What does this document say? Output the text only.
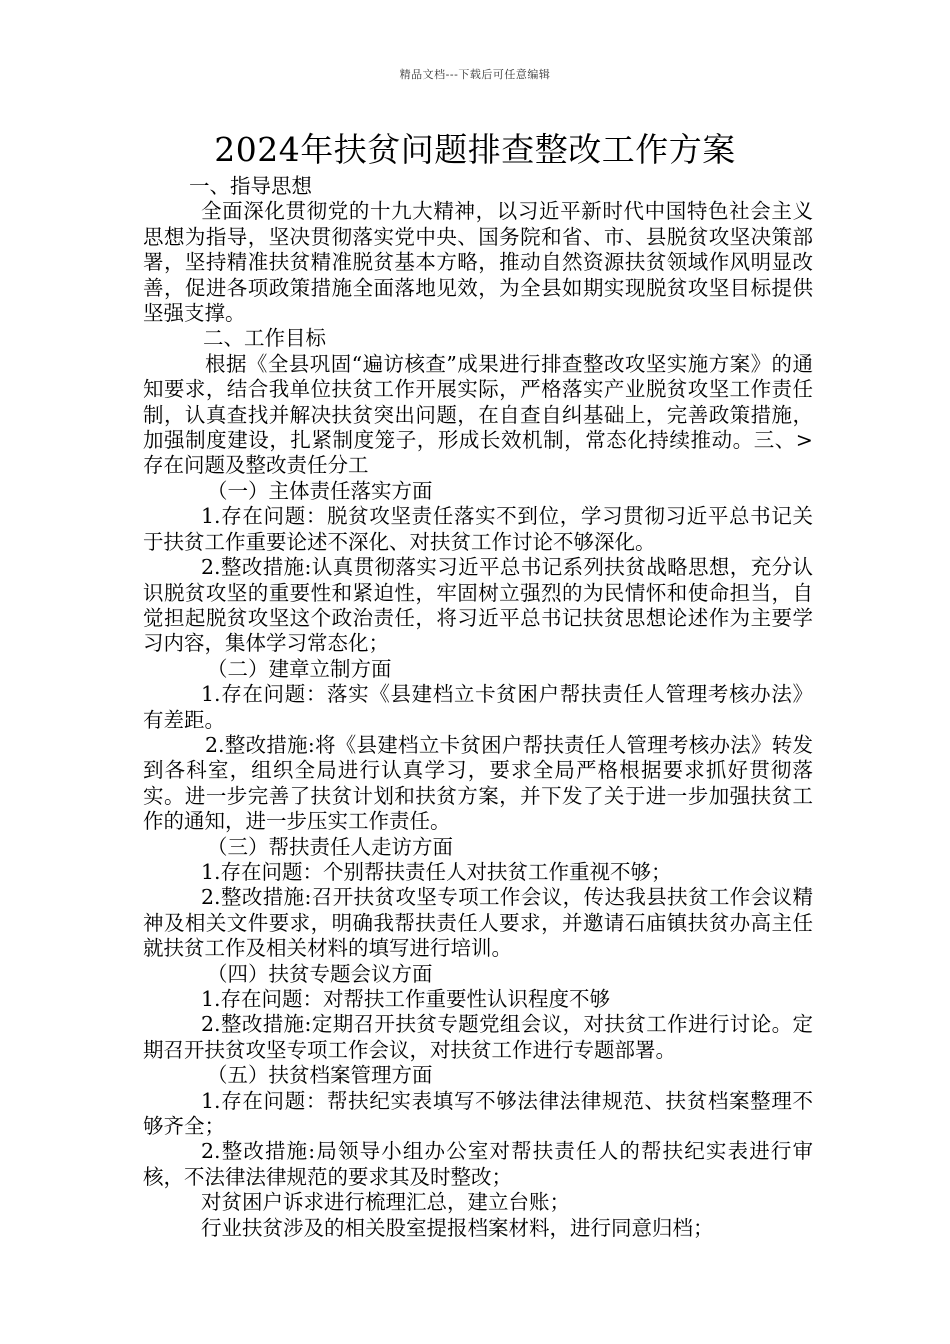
精品文档---下载后可任意编辑
2024年扶贫问题排查整改工作方案

一、指导思想

全面深化贯彻党的十九大精神，以习近平新时代中国特色社会主义思想为指导，坚决贯彻落实党中央、国务院和省、市、县脱贫攻坚决策部署，坚持精准扶贫精准脱贫基本方略，推动自然资源扶贫领域作风明显改善，促进各项政策措施全面落地见效，为全县如期实现脱贫攻坚目标提供坚强支撑。

二、工作目标

根据《全县巩固“遍访核查”成果进行排查整改攻坚实施方案》的通知要求，结合我单位扶贫工作开展实际，严格落实产业脱贫攻坚工作责任制，认真查找并解决扶贫突出问题，在自查自纠基础上，完善政策措施，加强制度建设，扎紧制度笼子，形成长效机制，常态化持续推动。三、>存在问题及整改责任分工

（一）主体责任落实方面

1.存在问题：脱贫攻坚责任落实不到位，学习贯彻习近平总书记关于扶贫工作重要论述不深化、对扶贫工作讨论不够深化。

2.整改措施:认真贯彻落实习近平总书记系列扶贫战略思想，充分认识脱贫攻坚的重要性和紧迫性，牢固树立强烈的为民情怀和使命担当，自觉担起脱贫攻坚这个政治责任，将习近平总书记扶贫思想论述作为主要学习内容，集体学习常态化；

（二）建章立制方面

1.存在问题：落实《县建档立卡贫困户帮扶责任人管理考核办法》有差距。

2.整改措施:将《县建档立卡贫困户帮扶责任人管理考核办法》转发到各科室，组织全局进行认真学习，要求全局严格根据要求抓好贯彻落实。进一步完善了扶贫计划和扶贫方案，并下发了关于进一步加强扶贫工作的通知，进一步压实工作责任。

（三）帮扶责任人走访方面

1.存在问题：个别帮扶责任人对扶贫工作重视不够；

2.整改措施:召开扶贫攻坚专项工作会议，传达我县扶贫工作会议精神及相关文件要求，明确我帮扶责任人要求，并邀请石庙镇扶贫办高主任就扶贫工作及相关材料的填写进行培训。

（四）扶贫专题会议方面

1.存在问题：对帮扶工作重要性认识程度不够

2.整改措施:定期召开扶贫专题党组会议，对扶贫工作进行讨论。定期召开扶贫攻坚专项工作会议，对扶贫工作进行专题部署。

（五）扶贫档案管理方面

1.存在问题：帮扶纪实表填写不够法律法律规范、扶贫档案整理不够齐全；

2.整改措施:局领导小组办公室对帮扶责任人的帮扶纪实表进行审核，不法律法律规范的要求其及时整改；

对贫困户诉求进行梳理汇总，建立台账；

行业扶贫涉及的相关股室提报档案材料，进行同意归档；
